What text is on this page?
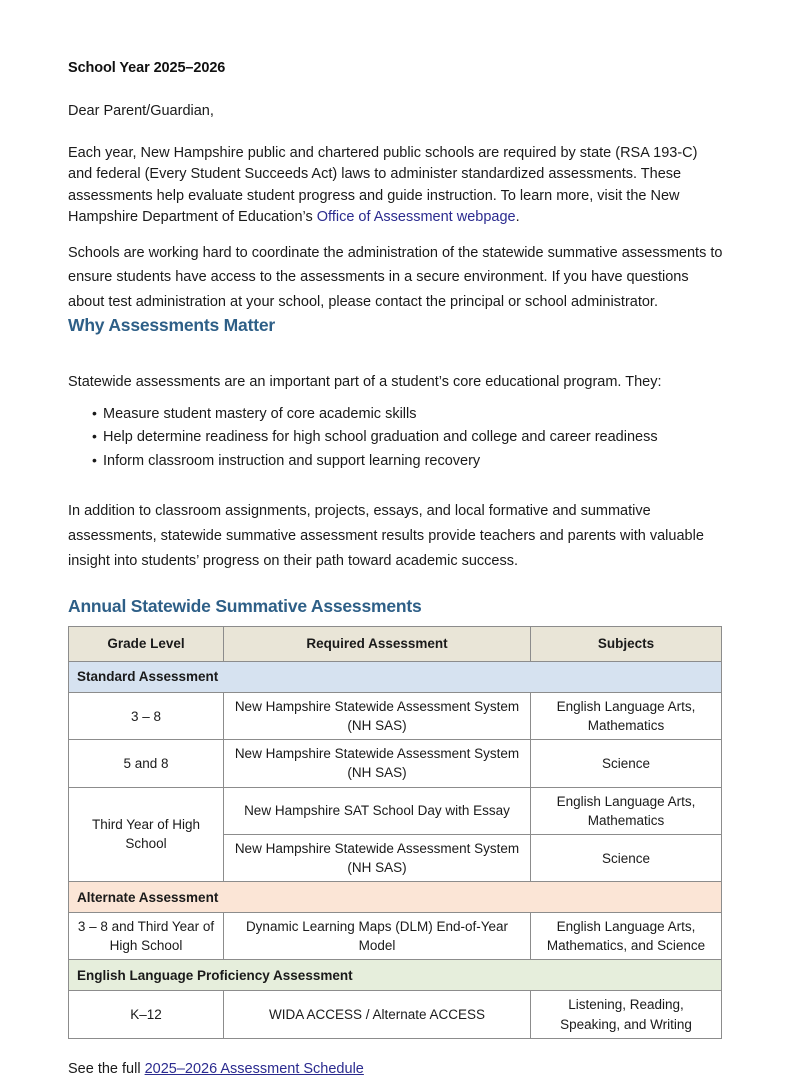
School Year 2025–2026
Dear Parent/Guardian,

Each year, New Hampshire public and chartered public schools are required by state (RSA 193-C) and federal (Every Student Succeeds Act) laws to administer standardized assessments. These assessments help evaluate student progress and guide instruction. To learn more, visit the New Hampshire Department of Education’s Office of Assessment webpage.

Schools are working hard to coordinate the administration of the statewide summative assessments to ensure students have access to the assessments in a secure environment. If you have questions about test administration at your school, please contact the principal or school administrator.

Why Assessments Matter

Statewide assessments are an important part of a student’s core educational program. They:

• Measure student mastery of core academic skills
• Help determine readiness for high school graduation and college and career readiness
• Inform classroom instruction and support learning recovery

In addition to classroom assignments, projects, essays, and local formative and summative assessments, statewide summative assessment results provide teachers and parents with valuable insight into students’ progress on their path toward academic success.

Annual Statewide Summative Assessments
Grade Level	Required Assessment	Subjects
Standard Assessment		
3 – 8	New Hampshire Statewide Assessment System (NH SAS)	English Language Arts, Mathematics
5 and 8	New Hampshire Statewide Assessment System (NH SAS)	Science
Third Year of High School	New Hampshire SAT School Day with Essay	English Language Arts, Mathematics
	New Hampshire Statewide Assessment System (NH SAS)	Science
Alternate Assessment		
3 – 8 and Third Year of High School	Dynamic Learning Maps (DLM) End-of-Year Model	English Language Arts, Mathematics, and Science
English Language Proficiency Assessment		
K–12	WIDA ACCESS / Alternate ACCESS	Listening, Reading, Speaking, and Writing

See the full 2025–2026 Assessment Schedule
